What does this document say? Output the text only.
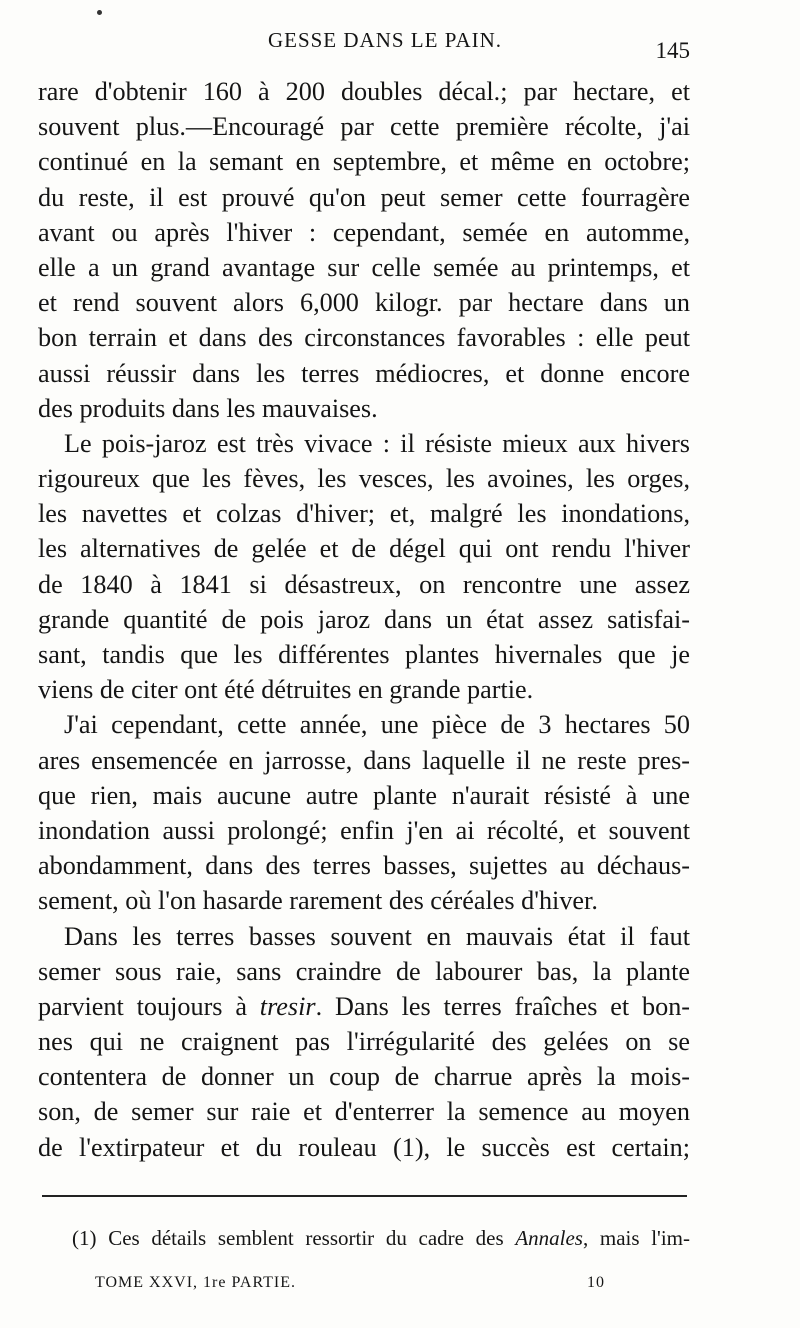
GESSE DANS LE PAIN.	145
rare d'obtenir 160 à 200 doubles décal.; par hectare, et
souvent plus.—Encouragé par cette première récolte, j'ai
continué en la semant en septembre, et même en octobre;
du reste, il est prouvé qu'on peut semer cette fourragère
avant ou après l'hiver : cependant, semée en automme,
elle a un grand avantage sur celle semée au printemps, et
et rend souvent alors 6,000 kilogr. par hectare dans un
bon terrain et dans des circonstances favorables : elle peut
aussi réussir dans les terres médiocres, et donne encore
des produits dans les mauvaises.
Le pois-jaroz est très vivace : il résiste mieux aux hivers
rigoureux que les fèves, les vesces, les avoines, les orges,
les navettes et colzas d'hiver; et, malgré les inondations,
les alternatives de gelée et de dégel qui ont rendu l'hiver
de 1840 à 1841 si désastreux, on rencontre une assez
grande quantité de pois jaroz dans un état assez satisfai-
sant, tandis que les différentes plantes hivernales que je
viens de citer ont été détruites en grande partie.
J'ai cependant, cette année, une pièce de 3 hectares 50
ares ensemencée en jarrosse, dans laquelle il ne reste pres-
que rien, mais aucune autre plante n'aurait résisté à une
inondation aussi prolongé; enfin j'en ai récolté, et souvent
abondamment, dans des terres basses, sujettes au déchaus-
sement, où l'on hasarde rarement des céréales d'hiver.
Dans les terres basses souvent en mauvais état il faut
semer sous raie, sans craindre de labourer bas, la plante
parvient toujours à tresir. Dans les terres fraîches et bon-
nes qui ne craignent pas l'irrégularité des gelées on se
contentera de donner un coup de charrue après la mois-
son, de semer sur raie et d'enterrer la semence au moyen
de l'extirpateur et du rouleau (1), le succès est certain;
(1) Ces détails semblent ressortir du cadre des Annales, mais l'im-
TOME XXVI, 1re PARTIE.	10
